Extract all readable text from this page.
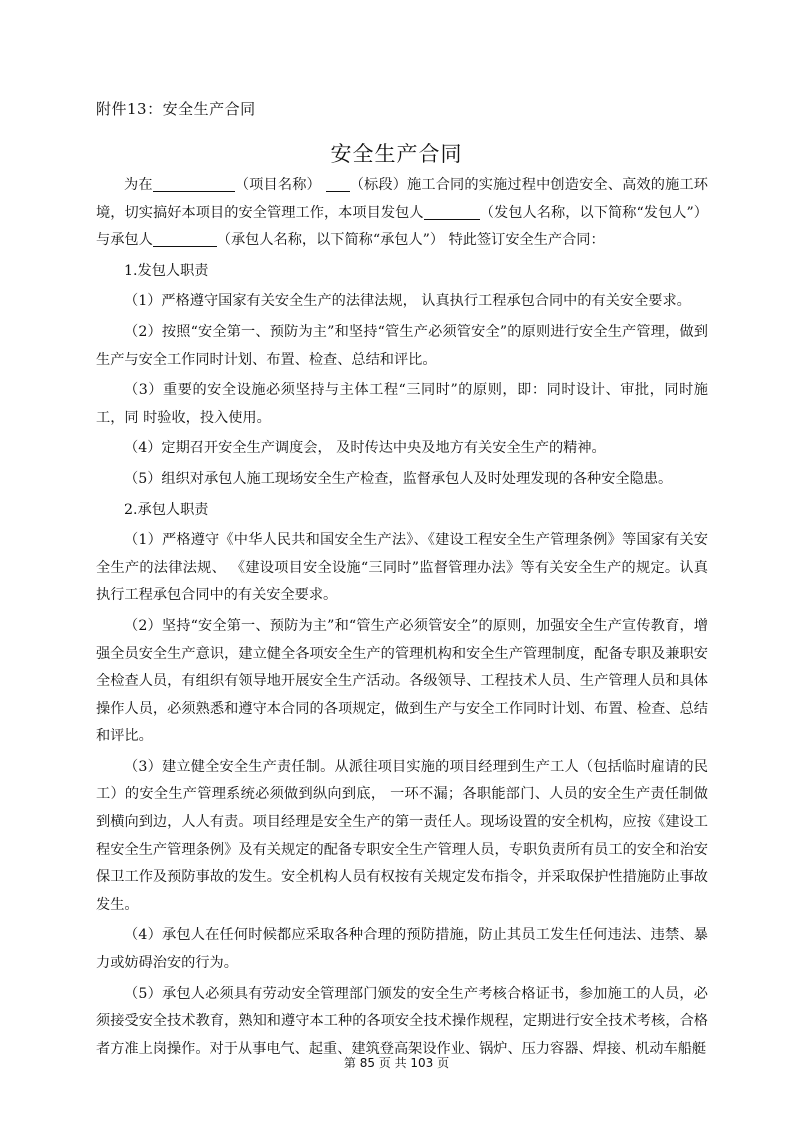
附件13：安全生产合同
安全生产合同

为在	（项目名称） （标段）施工合同的实施过程中创造安全、高效的施工环境，切实搞好本项目的安全管理工作，本项目发包人	（发包人名称，以下简称“发包人”）与承包人	（承包人名称，以下简称“承包人”） 特此签订安全生产合同：

1.发包人职责

（1）严格遵守国家有关安全生产的法律法规， 认真执行工程承包合同中的有关安全要求。

（2）按照“安全第一、预防为主”和坚持“管生产必须管安全”的原则进行安全生产管理，做到生产与安全工作同时计划、布置、检查、总结和评比。

（3）重要的安全设施必须坚持与主体工程“三同时”的原则，即：同时设计、审批，同时施工，同 时验收，投入使用。

（4）定期召开安全生产调度会， 及时传达中央及地方有关安全生产的精神。

（5）组织对承包人施工现场安全生产检查，监督承包人及时处理发现的各种安全隐患。

2.承包人职责

（1）严格遵守《中华人民共和国安全生产法》、《建设工程安全生产管理条例》等国家有关安全生产的法律法规、 《建设项目安全设施“三同时”监督管理办法》等有关安全生产的规定。认真执行工程承包合同中的有关安全要求。

（2）坚持“安全第一、预防为主”和“管生产必须管安全”的原则，加强安全生产宣传教育，增强全员安全生产意识，建立健全各项安全生产的管理机构和安全生产管理制度，配备专职及兼职安全检查人员，有组织有领导地开展安全生产活动。各级领导、工程技术人员、生产管理人员和具体操作人员，必须熟悉和遵守本合同的各项规定，做到生产与安全工作同时计划、布置、检查、总结和评比。

（3）建立健全安全生产责任制。从派往项目实施的项目经理到生产工人（包括临时雇请的民工）的安全生产管理系统必须做到纵向到底， 一环不漏；各职能部门、人员的安全生产责任制做到横向到边，人人有责。项目经理是安全生产的第一责任人。现场设置的安全机构，应按《建设工程安全生产管理条例》及有关规定的配备专职安全生产管理人员，专职负责所有员工的安全和治安保卫工作及预防事故的发生。安全机构人员有权按有关规定发布指令，并采取保护性措施防止事故发生。

（4）承包人在任何时候都应采取各种合理的预防措施，防止其员工发生任何违法、违禁、暴力或妨碍治安的行为。

（5）承包人必须具有劳动安全管理部门颁发的安全生产考核合格证书，参加施工的人员，必须接受安全技术教育，熟知和遵守本工种的各项安全技术操作规程，定期进行安全技术考核，合格者方准上岗操作。对于从事电气、起重、建筑登高架设作业、锅炉、压力容器、焊接、机动车船艇

第 85 页 共 103 页
